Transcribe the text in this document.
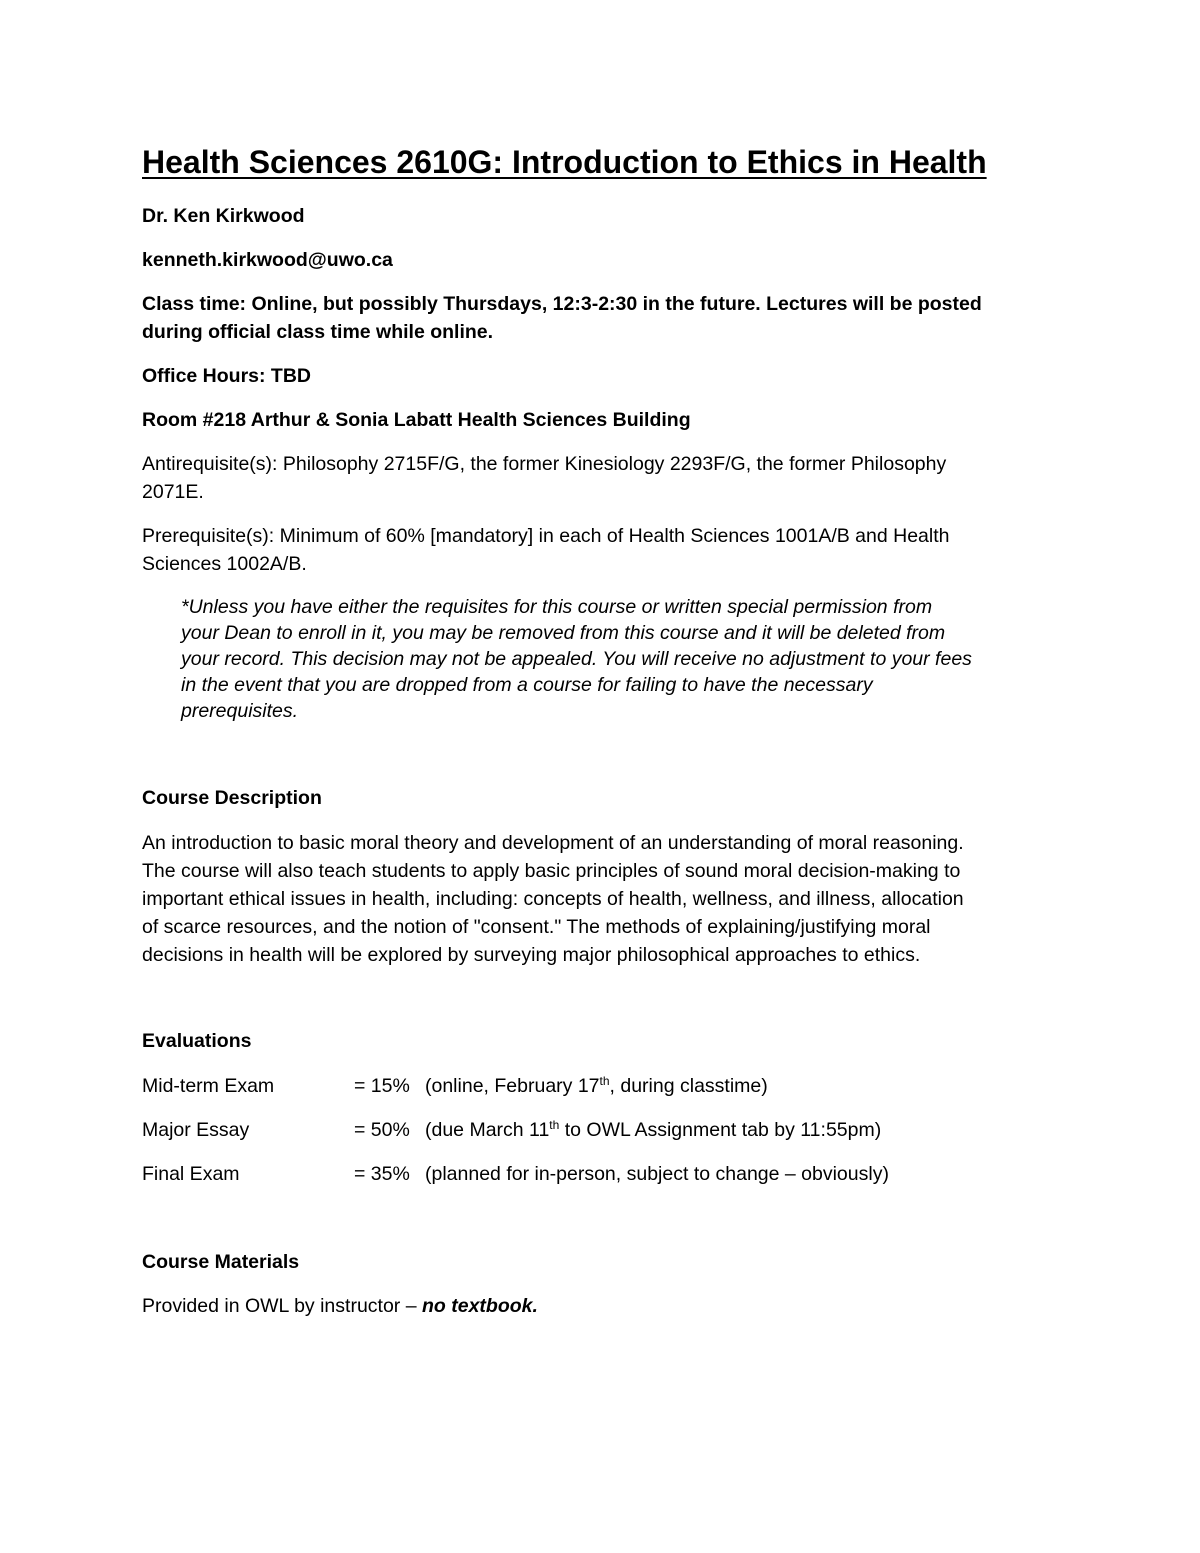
Health Sciences 2610G: Introduction to Ethics in Health

Dr. Ken Kirkwood

kenneth.kirkwood@uwo.ca

Class time: Online, but possibly Thursdays, 12:3-2:30 in the future. Lectures will be posted
during official class time while online.

Office Hours: TBD

Room #218 Arthur & Sonia Labatt Health Sciences Building

Antirequisite(s): Philosophy 2715F/G, the former Kinesiology 2293F/G, the former Philosophy
2071E.

Prerequisite(s): Minimum of 60% [mandatory] in each of Health Sciences 1001A/B and Health
Sciences 1002A/B.

*Unless you have either the requisites for this course or written special permission from
your Dean to enroll in it, you may be removed from this course and it will be deleted from
your record. This decision may not be appealed. You will receive no adjustment to your fees
in the event that you are dropped from a course for failing to have the necessary
prerequisites.

Course Description

An introduction to basic moral theory and development of an understanding of moral reasoning.
The course will also teach students to apply basic principles of sound moral decision-making to
important ethical issues in health, including: concepts of health, wellness, and illness, allocation
of scarce resources, and the notion of "consent." The methods of explaining/justifying moral
decisions in health will be explored by surveying major philosophical approaches to ethics.

Evaluations

Mid-term Exam	= 15% (online, February 17th, during classtime)
Major Essay	= 50% (due March 11th to OWL Assignment tab by 11:55pm)
Final Exam	= 35% (planned for in-person, subject to change – obviously)

Course Materials

Provided in OWL by instructor – no textbook.
